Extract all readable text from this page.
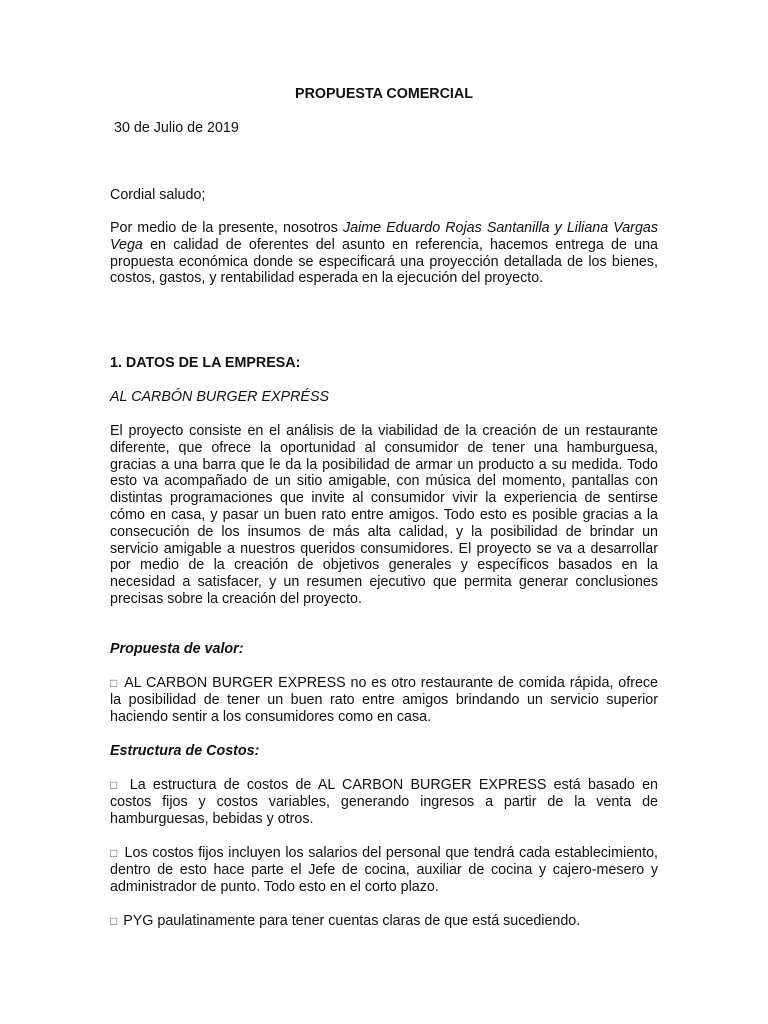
PROPUESTA COMERCIAL
30 de Julio de 2019
Cordial saludo;

Por medio de la presente, nosotros Jaime Eduardo Rojas Santanilla y Liliana Vargas Vega en calidad de oferentes del asunto en referencia, hacemos entrega de una propuesta económica donde se especificará una proyección detallada de los bienes, costos, gastos, y rentabilidad esperada en la ejecución del proyecto.

1. DATOS DE LA EMPRESA:
AL CARBÓN BURGER EXPRÉSS

El proyecto consiste en el análisis de la viabilidad de la creación de un restaurante diferente, que ofrece la oportunidad al consumidor de tener una hamburguesa, gracias a una barra que le da la posibilidad de armar un producto a su medida. Todo esto va acompañado de un sitio amigable, con música del momento, pantallas con distintas programaciones que invite al consumidor vivir la experiencia de sentirse cómo en casa, y pasar un buen rato entre amigos. Todo esto es posible gracias a la consecución de los insumos de más alta calidad, y la posibilidad de brindar un servicio amigable a nuestros queridos consumidores. El proyecto se va a desarrollar por medio de la creación de objetivos generales y específicos basados en la necesidad a satisfacer, y un resumen ejecutivo que permita generar conclusiones precisas sobre la creación del proyecto.

Propuesta de valor:

□ AL CARBON BURGER EXPRESS no es otro restaurante de comida rápida, ofrece la posibilidad de tener un buen rato entre amigos brindando un servicio superior haciendo sentir a los consumidores como en casa.

Estructura de Costos:

□ La estructura de costos de AL CARBON BURGER EXPRESS está basado en costos fijos y costos variables, generando ingresos a partir de la venta de hamburguesas, bebidas y otros.

□ Los costos fijos incluyen los salarios del personal que tendrá cada establecimiento, dentro de esto hace parte el Jefe de cocina, auxiliar de cocina y cajero-mesero y administrador de punto. Todo esto en el corto plazo.

□ PYG paulatinamente para tener cuentas claras de que está sucediendo.
